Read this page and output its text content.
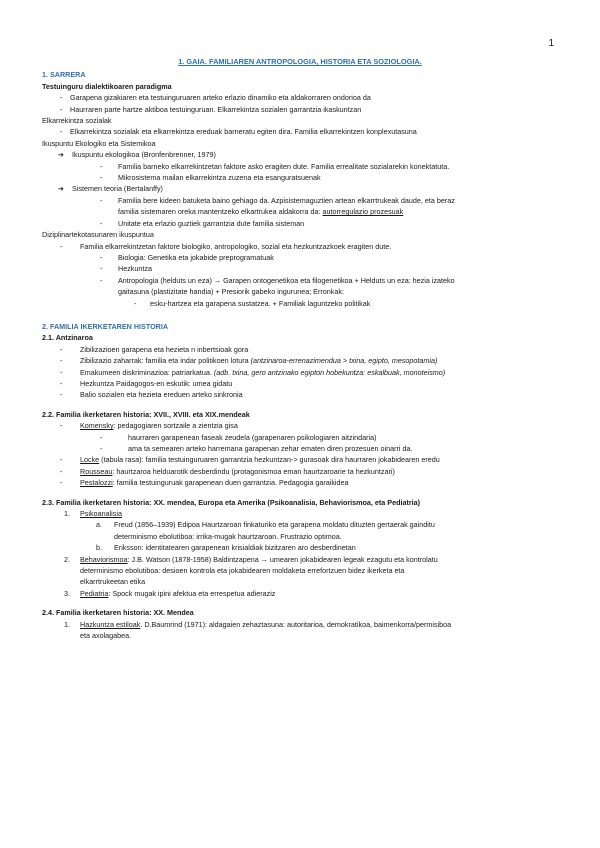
1
1. GAIA. FAMILIAREN ANTROPOLOGIA, HISTORIA ETA SOZIOLOGIA.
1. SARRERA
Testuinguru dialektikoaren paradigma
- Garapena gizakiaren eta testuinguruaren arteko erlazio dinamiko eta aldakorraren ondorioa da
- Haurraren parte hartze aktiboa testuinguruan. Elkarrekintza sozialen garrantzia ikaskuntzan
Elkarrekintza sozialak
- Elkarrekintza sozialak eta elkarrekintza ereduak barneratu egiten dira. Familia elkarrekintzen konplexutasuna
Ikuspuntu Ekologiko eta Sistemikoa
➔ Ikuspuntu ekologikoa (Bronfenbrenner, 1979)
- Familia barneko elkarrekintzetan faktore asko eragiten dute. Familia errealitate sozialarekin konektatuta.
- Mikrosistema mailan elkarrekintza zuzena eta esanguratsuenak
➔ Sistemen teoria (Bertalanffy)
- Familia bere kideen batuketa baino gehiago da. Azpisistemaguztien artean elkarrtrukeak daude, eta beraz
familia sistemaren oreka mantentzeko elkartrukea aldakorra da: autorregulazio prozesuak
- Unitate eta erlazio guztiek garrantzia dute familia sisteman
Diziplinartekotasunaren ikuspuntua
- Familia elkarrekintzetan faktore biologiko, antropologiko, sozial eta hezkuntzazkoek eragiten dute.
- Biologia: Genetika eta jokabide preprogramatuak
- Hezkuntza
- Antropologia (helduts un eza) → Garapen ontogenetikoa eta filogenetikoa + Helduts un eza: hezia izateko
gaitasuna (plastizitate handia) + Presiorik gabeko ingurunea; Erronkak:
- esku-hartzea eta garapena sustatzea. + Familiak laguntzeko politikak
2. FAMILIA IKERKETAREN HISTORIA
2.1. Antzinaroa
- Zibilizazioen garapena eta hezieta n inbertsioak gora
- Zibilizazio zaharrak: familia eta indar politikoen lotura (antzinaroa-errenazimendua > txina, egipto, mesopotamia)
- Emakumeen diskriminazioa: patriarkatua. (adb. txina, gero antzinako egipton hobekuntza: eskalbuak, monoteismo)
- Hezkuntza Paidagogos-en eskutik: umea gidatu
- Balio sozialen eta hezieta ereduen arteko sinkronia
2.2. Familia ikerketaren historia: XVII., XVIII. eta XIX.mendeak
- Komensky: pedagogiaren sortzaile a zientzia gisa
-	haurraren garapenean faseak zeudela (garapenaren psikologiaren aitzindaria)
-	ama ta semearen arteko harremana garapenan zehar ematen diren prozesuen oinarri da.
- Locke (tabula rasa): familia testuinguruaren garrantzia hezkuntzan-> gurasoak dira haurraren jokabidearen eredu
- Rousseau: haurtzaroa helduarotik desberdindu (protagonismoa eman haurtzaroarie ta hezkuntzari)
- Pestalozzi: familia testuinguruak garapenean duen garrantzia. Pedagogia garaikidea
2.3. Familia ikerketaren historia: XX. mendea, Europa eta Amerika (Psikoanalisia, Behaviorismoa, eta Pediatria)
1. Psikoanalisia
a. Freud (1856–1939) Edipoa Haurtzaroan finkaturiko eta garapena moldatu dituzten gertaerak gainditu
determinismo ebolutiboa: irrika-mugak haurtzaroan. Frustrazio optimoa.
b. Eriksson: identitatearen garapenean krisialdiak bizitzaren aro desberdinetan
2. Behaviorismoa: J.B. Watson (1878-1958) Baldintzapena → umearen jokabidearen legeak ezagutu eta kontrolatu
determinismo ebolutiboa: desioen kontrola eta jokabidearen moldaketa errefortzuen bidez ikerketa eta
elkarrtrukeetan etika
3. Pediatria: Spock mugak ipini afektua eta errespetua adieraziz
2.4. Familia ikerketaren historia: XX. Mendea
1. Hazkuntza estiloak. D.Baumrind (1971): aldagaien zehaztasuna: autoritarioa, demokratikoa, baimenkorra/permisiboa
eta axolagabea.
